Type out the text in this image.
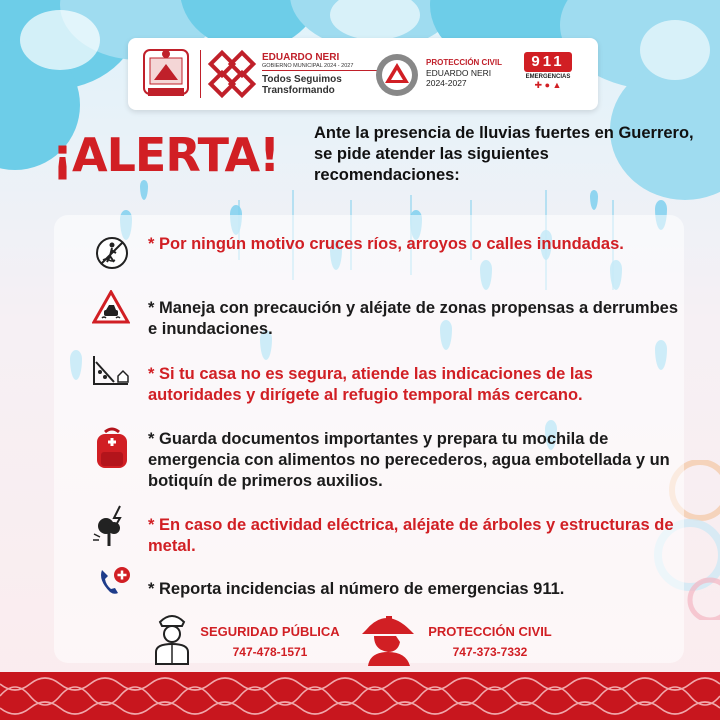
EDUARDO NERI
GOBIERNO MUNICIPAL 2024 - 2027
Todos Seguimos Transformando
PROTECCIÓN CIVIL
EDUARDO NERI
2024-2027
911
EMERGENCIAS
✚ ● ▲
¡ALERTA! Ante la presencia de lluvias fuertes en Guerrero, se pide atender las siguientes recomendaciones:
* Por ningún motivo cruces ríos, arroyos o calles inundadas.
* Maneja con precaución y aléjate de zonas propensas a derrumbes e inundaciones.
* Si tu casa no es segura, atiende las indicaciones de las autoridades y dirígete al refugio temporal más cercano.
* Guarda documentos importantes y prepara tu mochila de emergencia con alimentos no perecederos, agua embotellada y un botiquín de primeros auxilios.
* En caso de actividad eléctrica, aléjate de árboles y estructuras de metal.
* Reporta incidencias al número de emergencias 911.
SEGURIDAD PÚBLICA
747-478-1571
PROTECCIÓN CIVIL
747-373-7332
